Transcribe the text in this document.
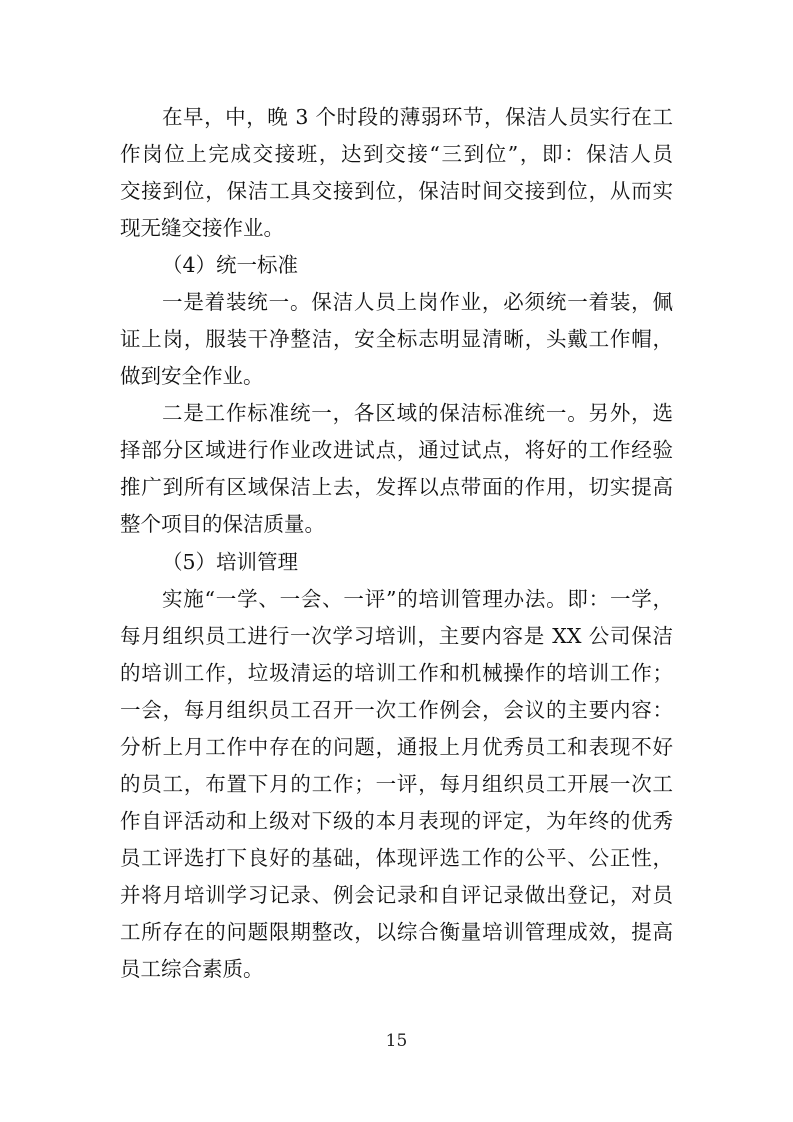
在早，中，晚 3 个时段的薄弱环节，保洁人员实行在工
作岗位上完成交接班，达到交接“三到位”，即：保洁人员
交接到位，保洁工具交接到位，保洁时间交接到位，从而实
现无缝交接作业。
（4）统一标准
一是着装统一。保洁人员上岗作业，必须统一着装，佩
证上岗，服装干净整洁，安全标志明显清晰，头戴工作帽，
做到安全作业。
二是工作标准统一，各区域的保洁标准统一。另外，选
择部分区域进行作业改进试点，通过试点，将好的工作经验
推广到所有区域保洁上去，发挥以点带面的作用，切实提高
整个项目的保洁质量。
（5）培训管理
实施“一学、一会、一评”的培训管理办法。即：一学，
每月组织员工进行一次学习培训，主要内容是 XX 公司保洁
的培训工作，垃圾清运的培训工作和机械操作的培训工作；
一会，每月组织员工召开一次工作例会，会议的主要内容：
分析上月工作中存在的问题，通报上月优秀员工和表现不好
的员工，布置下月的工作；一评，每月组织员工开展一次工
作自评活动和上级对下级的本月表现的评定，为年终的优秀
员工评选打下良好的基础，体现评选工作的公平、公正性，
并将月培训学习记录、例会记录和自评记录做出登记，对员
工所存在的问题限期整改，以综合衡量培训管理成效，提高
员工综合素质。
15
